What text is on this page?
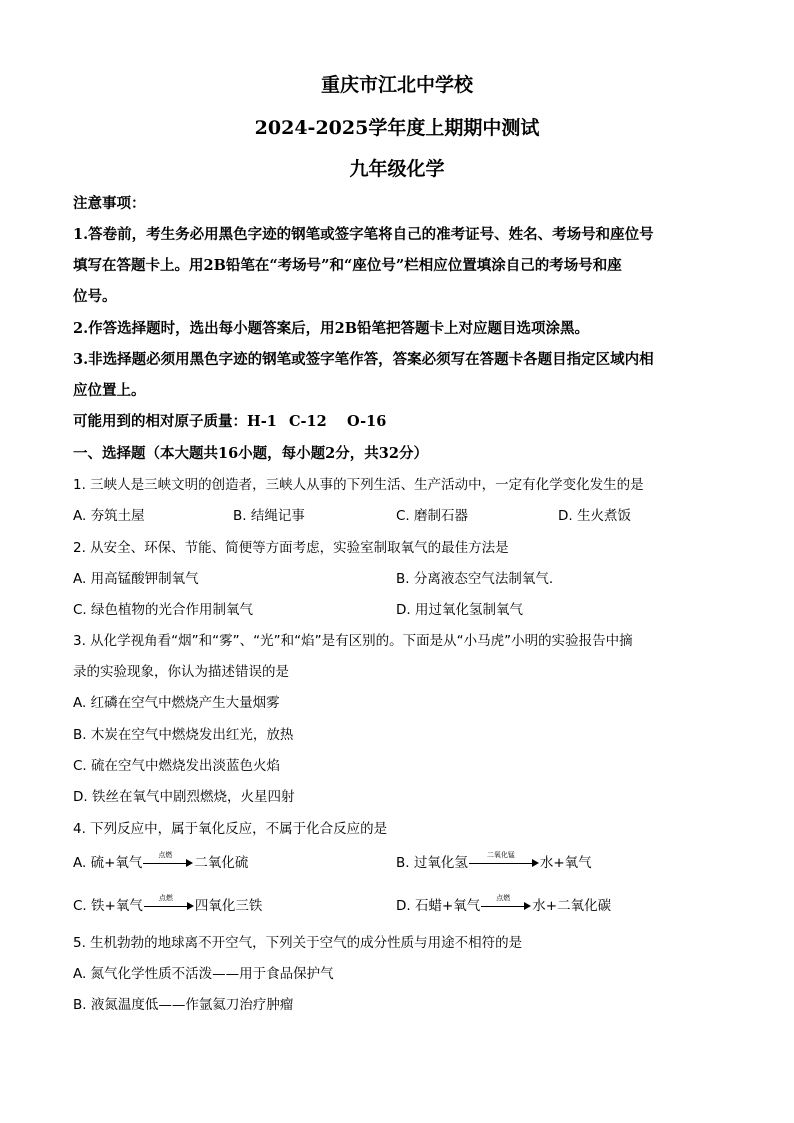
重庆市江北中学校
2024-2025学年度上期期中测试
九年级化学
注意事项：
1.答卷前，考生务必用黑色字迹的钢笔或签字笔将自己的准考证号、姓名、考场号和座位号
填写在答题卡上。用2B铅笔在“考场号”和“座位号”栏相应位置填涂自己的考场号和座
位号。
2.作答选择题时，选出每小题答案后，用2B铅笔把答题卡上对应题目选项涂黑。
3.非选择题必须用黑色字迹的钢笔或签字笔作答，答案必须写在答题卡各题目指定区域内相
应位置上。
可能用到的相对原子质量：H-1 C-12 O-16
一、选择题（本大题共16小题，每小题2分，共32分）
1. 三峡人是三峡文明的创造者，三峡人从事的下列生活、生产活动中，一定有化学变化发生的是
A. 夯筑土屋	B. 结绳记事	C. 磨制石器	D. 生火煮饭
2. 从安全、环保、节能、简便等方面考虑，实验室制取氧气的最佳方法是
A. 用高锰酸钾制氧气	B. 分离液态空气法制氧气.
C. 绿色植物的光合作用制氧气	D. 用过氧化氢制氧气
3. 从化学视角看“烟”和“雾”、“光”和“焰”是有区别的。下面是从“小马虎”小明的实验报告中摘
录的实验现象，你认为描述错误的是
A. 红磷在空气中燃烧产生大量烟雾
B. 木炭在空气中燃烧发出红光，放热
C. 硫在空气中燃烧发出淡蓝色火焰
D. 铁丝在氧气中剧烈燃烧，火星四射
4. 下列反应中，属于氧化反应，不属于化合反应的是
A. 硫+氧气	点燃	二氧化硫	B. 过氧化氢	二氧化锰	水+氧气
C. 铁+氧气	点燃	四氧化三铁	D. 石蜡+氧气	点燃	水+二氧化碳
5. 生机勃勃的地球离不开空气，下列关于空气的成分性质与用途不相符的是
A. 氮气化学性质不活泼——用于食品保护气
B. 液氮温度低——作氩氦刀治疗肿瘤
